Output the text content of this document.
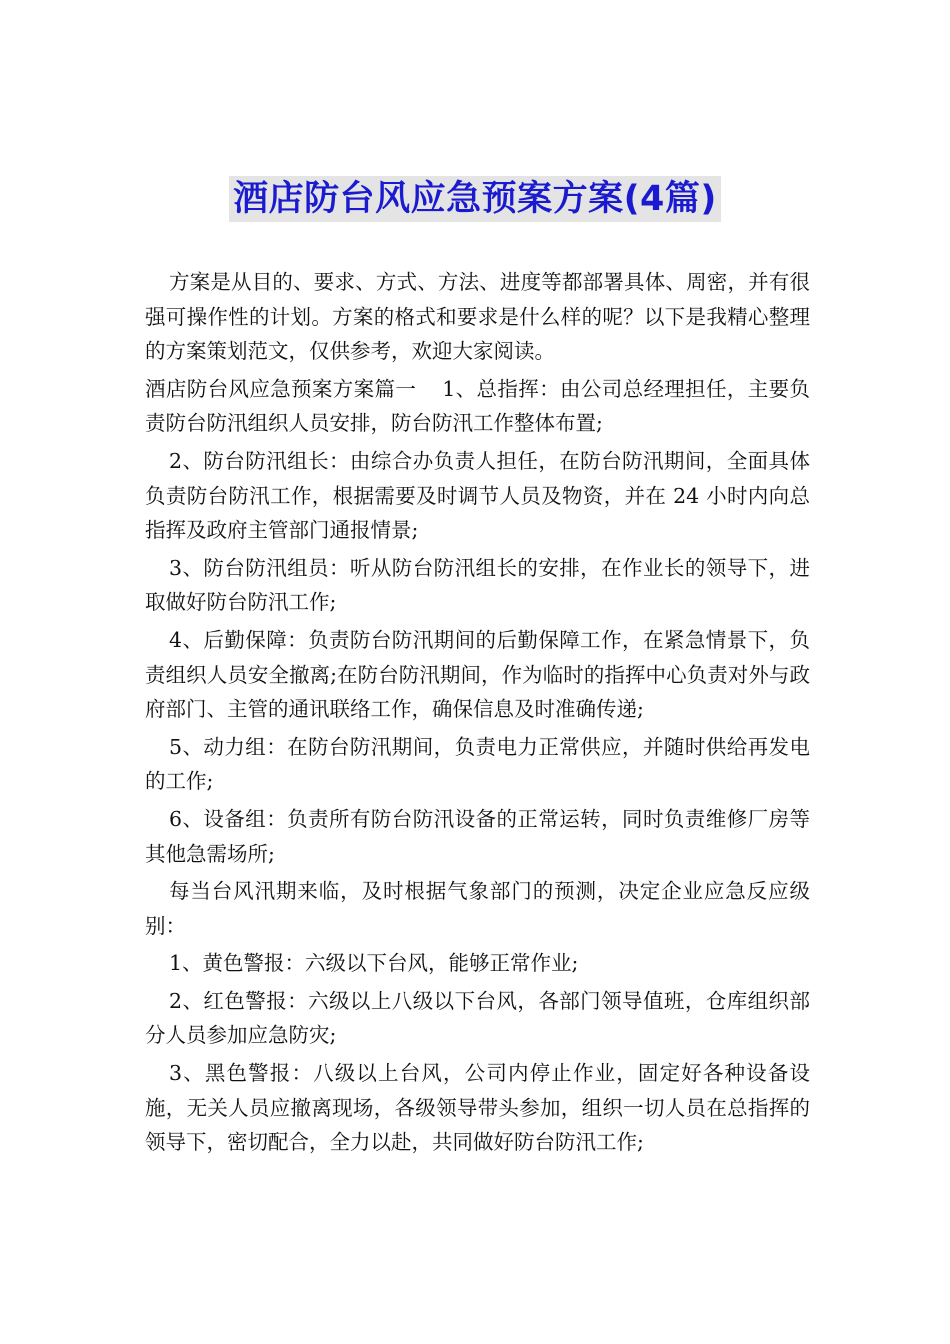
酒店防台风应急预案方案(4篇)

方案是从目的、要求、方式、方法、进度等都部署具体、周密，并有很强可操作性的计划。方案的格式和要求是什么样的呢？以下是我精心整理的方案策划范文，仅供参考，欢迎大家阅读。

酒店防台风应急预案方案篇一 1、总指挥：由公司总经理担任，主要负责防台防汛组织人员安排，防台防汛工作整体布置;

2、防台防汛组长：由综合办负责人担任，在防台防汛期间，全面具体负责防台防汛工作，根据需要及时调节人员及物资，并在 24 小时内向总指挥及政府主管部门通报情景;

3、防台防汛组员：听从防台防汛组长的安排，在作业长的领导下，进取做好防台防汛工作;

4、后勤保障：负责防台防汛期间的后勤保障工作，在紧急情景下，负责组织人员安全撤离;在防台防汛期间，作为临时的指挥中心负责对外与政府部门、主管的通讯联络工作，确保信息及时准确传递;

5、动力组：在防台防汛期间，负责电力正常供应，并随时供给再发电的工作;

6、设备组：负责所有防台防汛设备的正常运转，同时负责维修厂房等其他急需场所;

每当台风汛期来临，及时根据气象部门的预测，决定企业应急反应级别：

1、黄色警报：六级以下台风，能够正常作业;

2、红色警报：六级以上八级以下台风，各部门领导值班，仓库组织部分人员参加应急防灾;

3、黑色警报：八级以上台风，公司内停止作业，固定好各种设备设施，无关人员应撤离现场，各级领导带头参加，组织一切人员在总指挥的领导下，密切配合，全力以赴，共同做好防台防汛工作;
